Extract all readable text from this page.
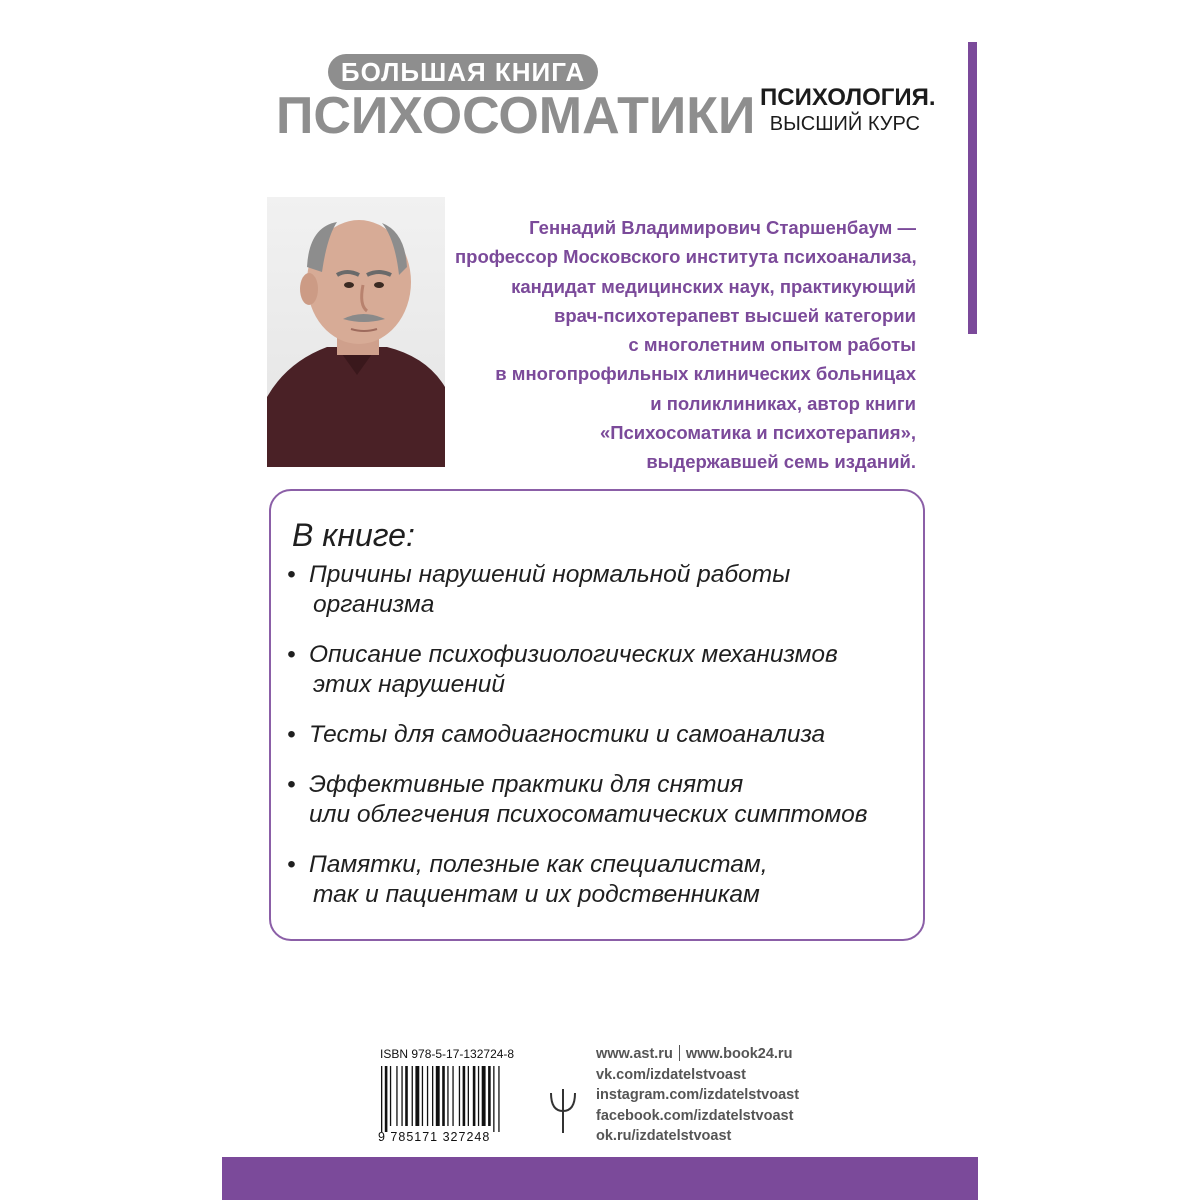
БОЛЬШАЯ КНИГА
ПСИХОСОМАТИКИ ПСИХОЛОГИЯ.
ВЫСШИЙ КУРС
Геннадий Владимирович Старшенбаум —
профессор Московского института психоанализа,
кандидат медицинских наук, практикующий
врач-психотерапевт высшей категории
с многолетним опытом работы
в многопрофильных клинических больницах
и поликлиниках, автор книги
«Психосоматика и психотерапия»,
выдержавшей семь изданий.
В книге:
• Причины нарушений нормальной работы
организма
• Описание психофизиологических механизмов
этих нарушений
• Тесты для самодиагностики и самоанализа
• Эффективные практики для снятия
или облегчения психосоматических симптомов
• Памятки, полезные как специалистам,
так и пациентам и их родственникам
ISBN 978-5-17-132724-8
9 785171 327248
www.ast.ru www.book24.ru
vk.com/izdatelstvoast
instagram.com/izdatelstvoast
facebook.com/izdatelstvoast
ok.ru/izdatelstvoast
